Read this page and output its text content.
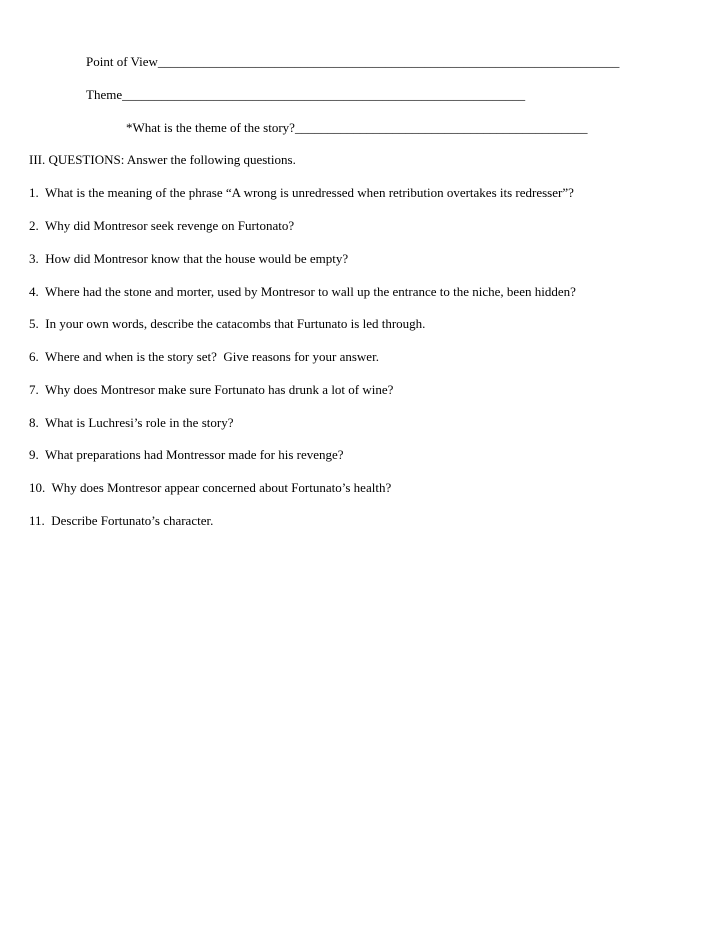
Point of View_______________________________________________________________________
Theme______________________________________________________________
*What is the theme of the story?_____________________________________________
III. QUESTIONS: Answer the following questions.
1.  What is the meaning of the phrase “A wrong is unredressed when retribution overtakes its redresser”?
2.  Why did Montresor seek revenge on Furtonato?
3.  How did Montresor know that the house would be empty?
4.  Where had the stone and morter, used by Montresor to wall up the entrance to the niche, been hidden?
5.  In your own words, describe the catacombs that Furtunato is led through.
6.  Where and when is the story set?  Give reasons for your answer.
7.  Why does Montresor make sure Fortunato has drunk a lot of wine?
8.  What is Luchresi’s role in the story?
9.  What preparations had Montressor made for his revenge?
10.  Why does Montresor appear concerned about Fortunato’s health?
11.  Describe Fortunato’s character.
